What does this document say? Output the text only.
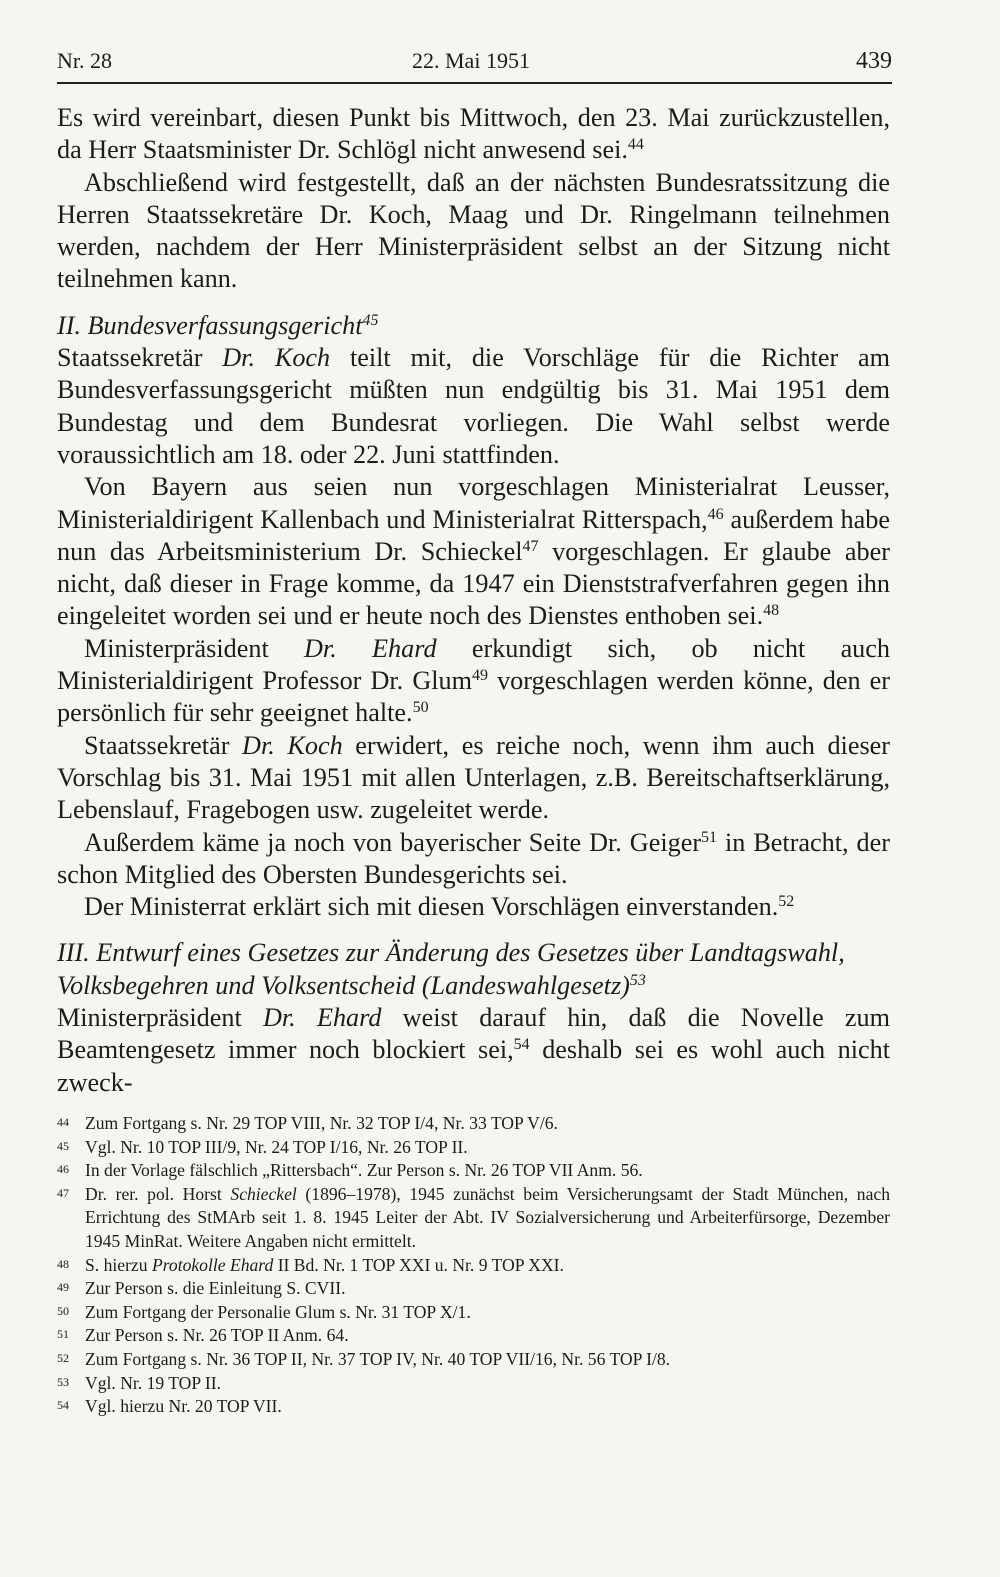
Nr. 28	22. Mai 1951	439

Es wird vereinbart, diesen Punkt bis Mittwoch, den 23. Mai zurückzustellen, da Herr Staatsminister Dr. Schlögl nicht anwesend sei.$^{44}$

Abschließend wird festgestellt, daß an der nächsten Bundesratssitzung die Herren Staatssekretäre Dr. Koch, Maag und Dr. Ringelmann teilnehmen werden, nachdem der Herr Ministerpräsident selbst an der Sitzung nicht teilnehmen kann.

II. Bundesverfassungsgericht$^{45}$

Staatssekretär Dr. Koch teilt mit, die Vorschläge für die Richter am Bundesverfassungsgericht müßten nun endgültig bis 31. Mai 1951 dem Bundestag und dem Bundesrat vorliegen. Die Wahl selbst werde voraussichtlich am 18. oder 22. Juni stattfinden.

Von Bayern aus seien nun vorgeschlagen Ministerialrat Leusser, Ministerialdirigent Kallenbach und Ministerialrat Ritterspach,$^{46}$ außerdem habe nun das Arbeitsministerium Dr. Schieckel$^{47}$ vorgeschlagen. Er glaube aber nicht, daß dieser in Frage komme, da 1947 ein Dienststrafverfahren gegen ihn eingeleitet worden sei und er heute noch des Dienstes enthoben sei.$^{48}$

Ministerpräsident Dr. Ehard erkundigt sich, ob nicht auch Ministerialdirigent Professor Dr. Glum$^{49}$ vorgeschlagen werden könne, den er persönlich für sehr geeignet halte.$^{50}$

Staatssekretär Dr. Koch erwidert, es reiche noch, wenn ihm auch dieser Vorschlag bis 31. Mai 1951 mit allen Unterlagen, z.B. Bereitschaftserklärung, Lebenslauf, Fragebogen usw. zugeleitet werde.

Außerdem käme ja noch von bayerischer Seite Dr. Geiger$^{51}$ in Betracht, der schon Mitglied des Obersten Bundesgerichts sei.

Der Ministerrat erklärt sich mit diesen Vorschlägen einverstanden.$^{52}$

III. Entwurf eines Gesetzes zur Änderung des Gesetzes über Landtagswahl, Volksbegehren und Volksentscheid (Landeswahlgesetz)$^{53}$

Ministerpräsident Dr. Ehard weist darauf hin, daß die Novelle zum Beamtengesetz immer noch blockiert sei,$^{54}$ deshalb sei es wohl auch nicht zweck-

44 Zum Fortgang s. Nr. 29 TOP VIII, Nr. 32 TOP I/4, Nr. 33 TOP V/6.
45 Vgl. Nr. 10 TOP III/9, Nr. 24 TOP I/16, Nr. 26 TOP II.
46 In der Vorlage fälschlich „Rittersbach“. Zur Person s. Nr. 26 TOP VII Anm. 56.
47 Dr. rer. pol. Horst Schieckel (1896–1978), 1945 zunächst beim Versicherungsamt der Stadt München, nach Errichtung des StMArb seit 1. 8. 1945 Leiter der Abt. IV Sozialversicherung und Arbeiterfürsorge, Dezember 1945 MinRat. Weitere Angaben nicht ermittelt.
48 S. hierzu Protokolle Ehard II Bd. Nr. 1 TOP XXI u. Nr. 9 TOP XXI.
49 Zur Person s. die Einleitung S. CVII.
50 Zum Fortgang der Personalie Glum s. Nr. 31 TOP X/1.
51 Zur Person s. Nr. 26 TOP II Anm. 64.
52 Zum Fortgang s. Nr. 36 TOP II, Nr. 37 TOP IV, Nr. 40 TOP VII/16, Nr. 56 TOP I/8.
53 Vgl. Nr. 19 TOP II.
54 Vgl. hierzu Nr. 20 TOP VII.
